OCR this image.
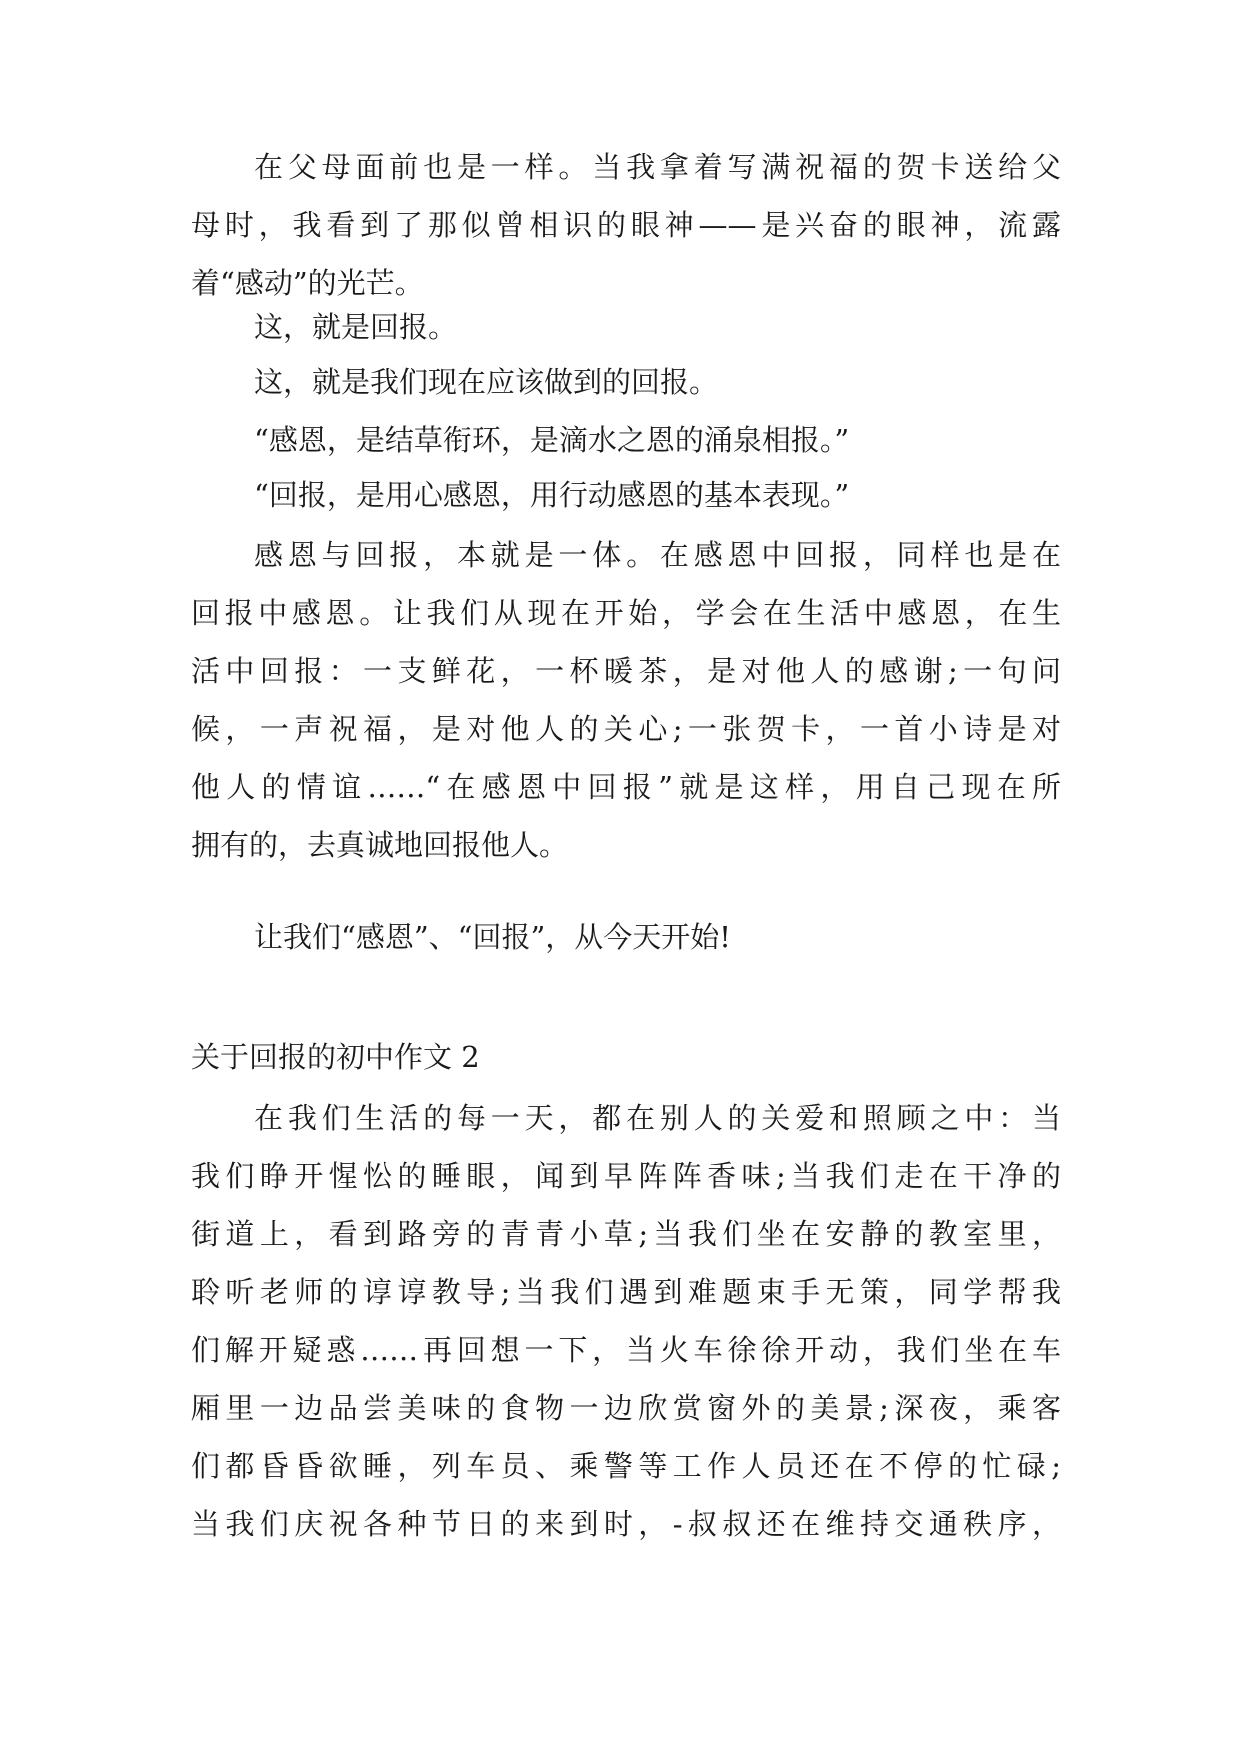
在父母面前也是一样。当我拿着写满祝福的贺卡送给父
母时，我看到了那似曾相识的眼神——是兴奋的眼神，流露
着“感动”的光芒。

这，就是回报。

这，就是我们现在应该做到的回报。

“感恩，是结草衔环，是滴水之恩的涌泉相报。”

“回报，是用心感恩，用行动感恩的基本表现。”

感恩与回报，本就是一体。在感恩中回报，同样也是在
回报中感恩。让我们从现在开始，学会在生活中感恩，在生
活中回报：一支鲜花，一杯暖茶，是对他人的感谢;一句问
候，一声祝福，是对他人的关心;一张贺卡，一首小诗是对
他人的情谊……“在感恩中回报”就是这样，用自己现在所
拥有的，去真诚地回报他人。

让我们“感恩”、“回报”，从今天开始!

关于回报的初中作文 2

在我们生活的每一天，都在别人的关爱和照顾之中：当
我们睁开惺忪的睡眼，闻到早阵阵香味;当我们走在干净的
街道上，看到路旁的青青小草;当我们坐在安静的教室里，
聆听老师的谆谆教导;当我们遇到难题束手无策，同学帮我
们解开疑惑……再回想一下，当火车徐徐开动，我们坐在车
厢里一边品尝美味的食物一边欣赏窗外的美景;深夜，乘客
们都昏昏欲睡，列车员、乘警等工作人员还在不停的忙碌;
当我们庆祝各种节日的来到时，-叔叔还在维持交通秩序，
